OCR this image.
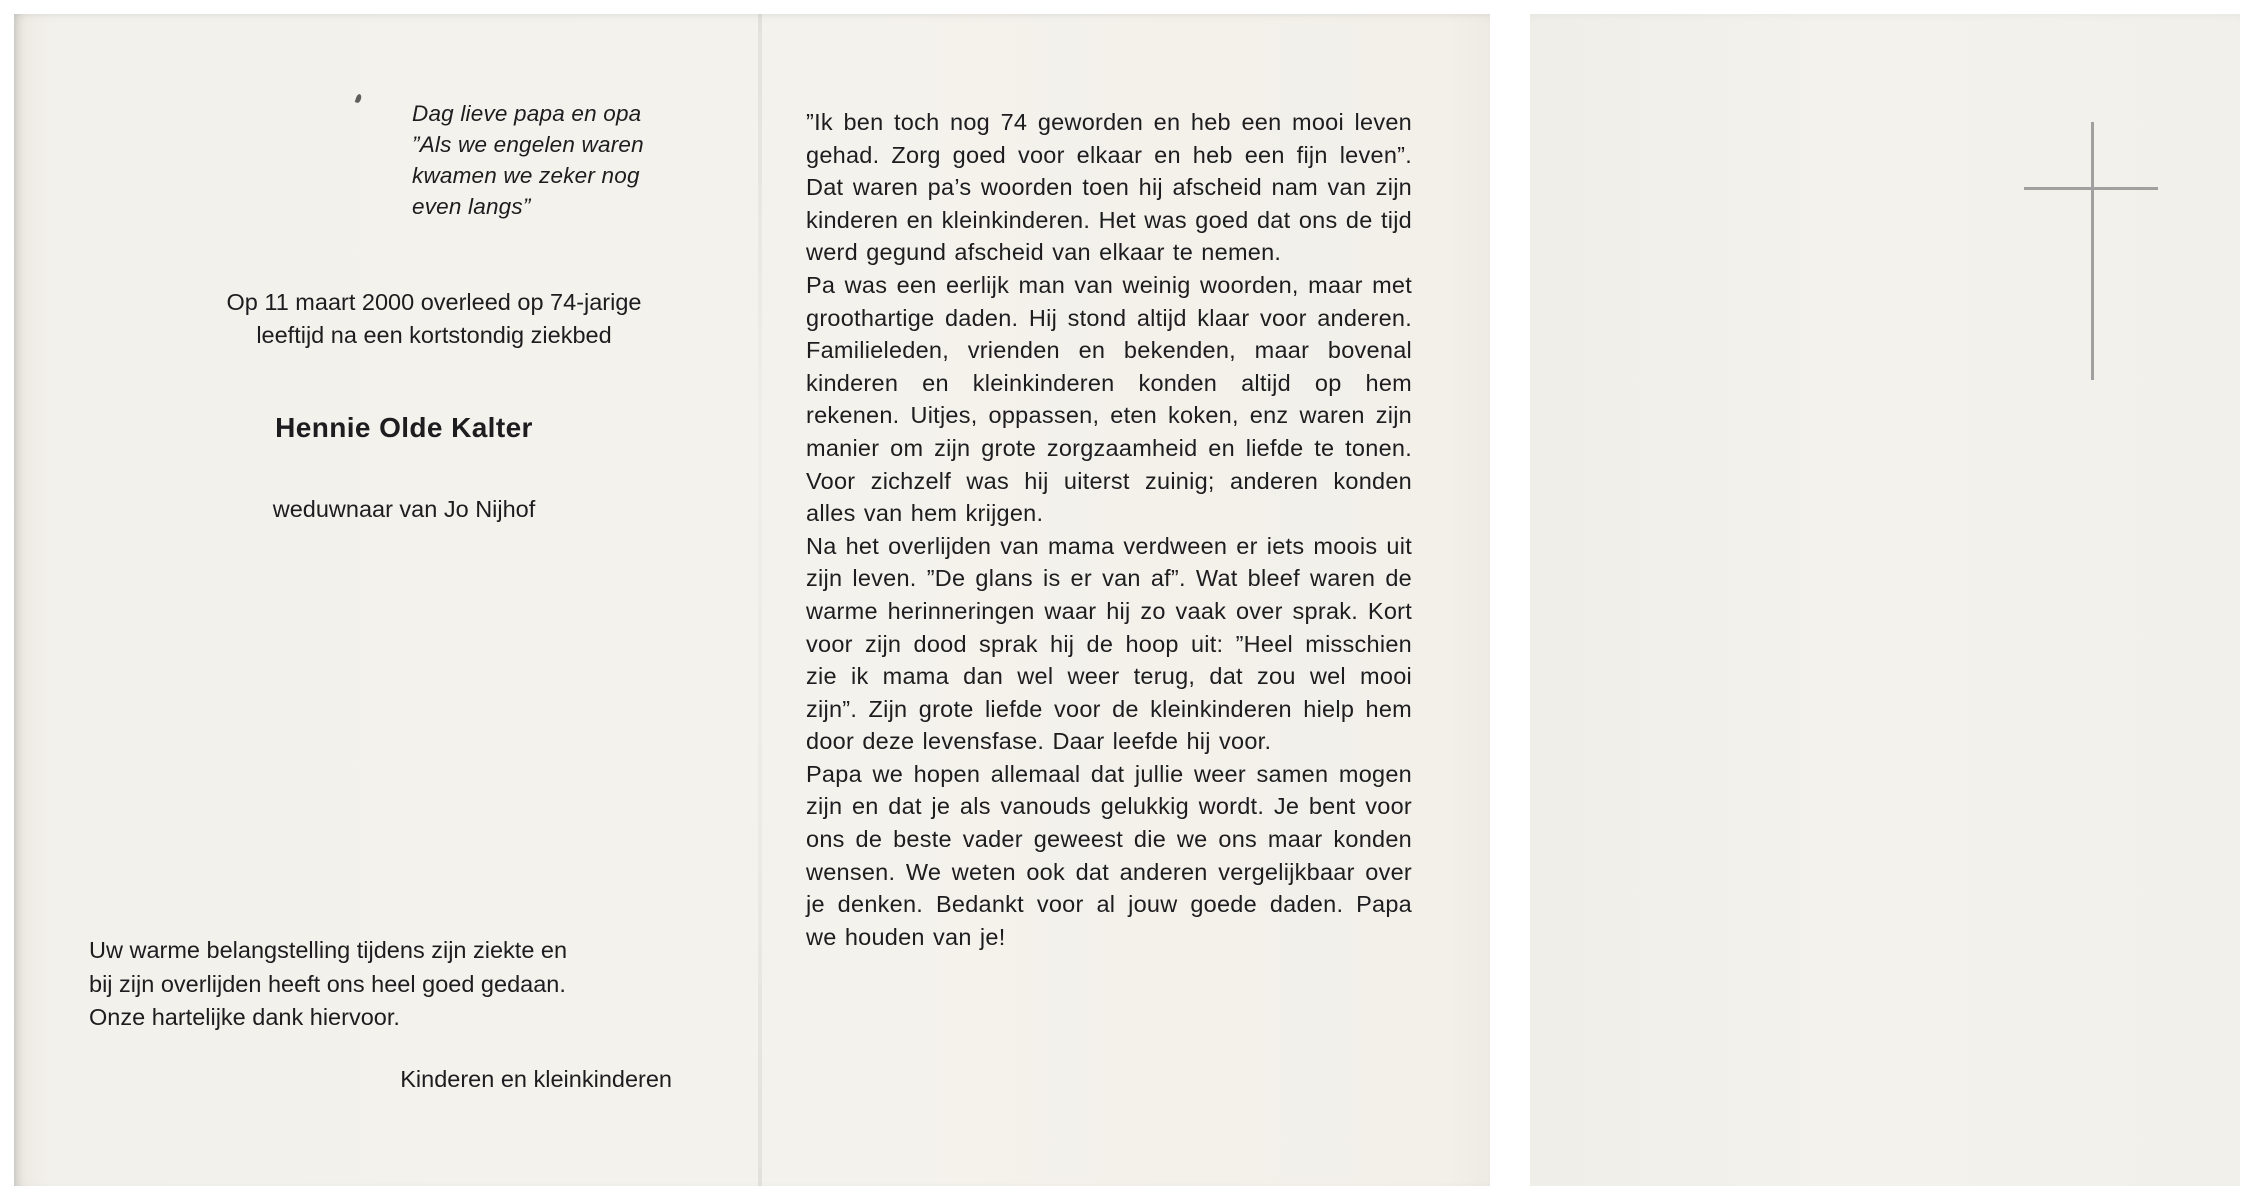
Dag lieve papa en opa
”Als we engelen waren
kwamen we zeker nog
even langs”
Op 11 maart 2000 overleed op 74-jarige
leeftijd na een kortstondig ziekbed
Hennie Olde Kalter
weduwnaar van Jo Nijhof
Uw warme belangstelling tijdens zijn ziekte en
bij zijn overlijden heeft ons heel goed gedaan.
Onze hartelijke dank hiervoor.
Kinderen en kleinkinderen

”Ik ben toch nog 74 geworden en heb een mooi leven gehad. Zorg goed voor elkaar en heb een fijn leven”. Dat waren pa’s woorden toen hij afscheid nam van zijn kinderen en kleinkinderen. Het was goed dat ons de tijd werd gegund afscheid van elkaar te nemen.

Pa was een eerlijk man van weinig woorden, maar met groothartige daden. Hij stond altijd klaar voor anderen. Familieleden, vrienden en bekenden, maar bovenal kinderen en kleinkinderen konden altijd op hem rekenen. Uitjes, oppassen, eten koken, enz waren zijn manier om zijn grote zorgzaamheid en liefde te tonen. Voor zichzelf was hij uiterst zuinig; anderen konden alles van hem krijgen.

Na het overlijden van mama verdween er iets moois uit zijn leven. ”De glans is er van af”. Wat bleef waren de warme herinneringen waar hij zo vaak over sprak. Kort voor zijn dood sprak hij de hoop uit: ”Heel misschien zie ik mama dan wel weer terug, dat zou wel mooi zijn”. Zijn grote liefde voor de kleinkinderen hielp hem door deze levensfase. Daar leefde hij voor.

Papa we hopen allemaal dat jullie weer samen mogen zijn en dat je als vanouds gelukkig wordt. Je bent voor ons de beste vader geweest die we ons maar konden wensen. We weten ook dat anderen vergelijkbaar over je denken. Bedankt voor al jouw goede daden. Papa we houden van je!
